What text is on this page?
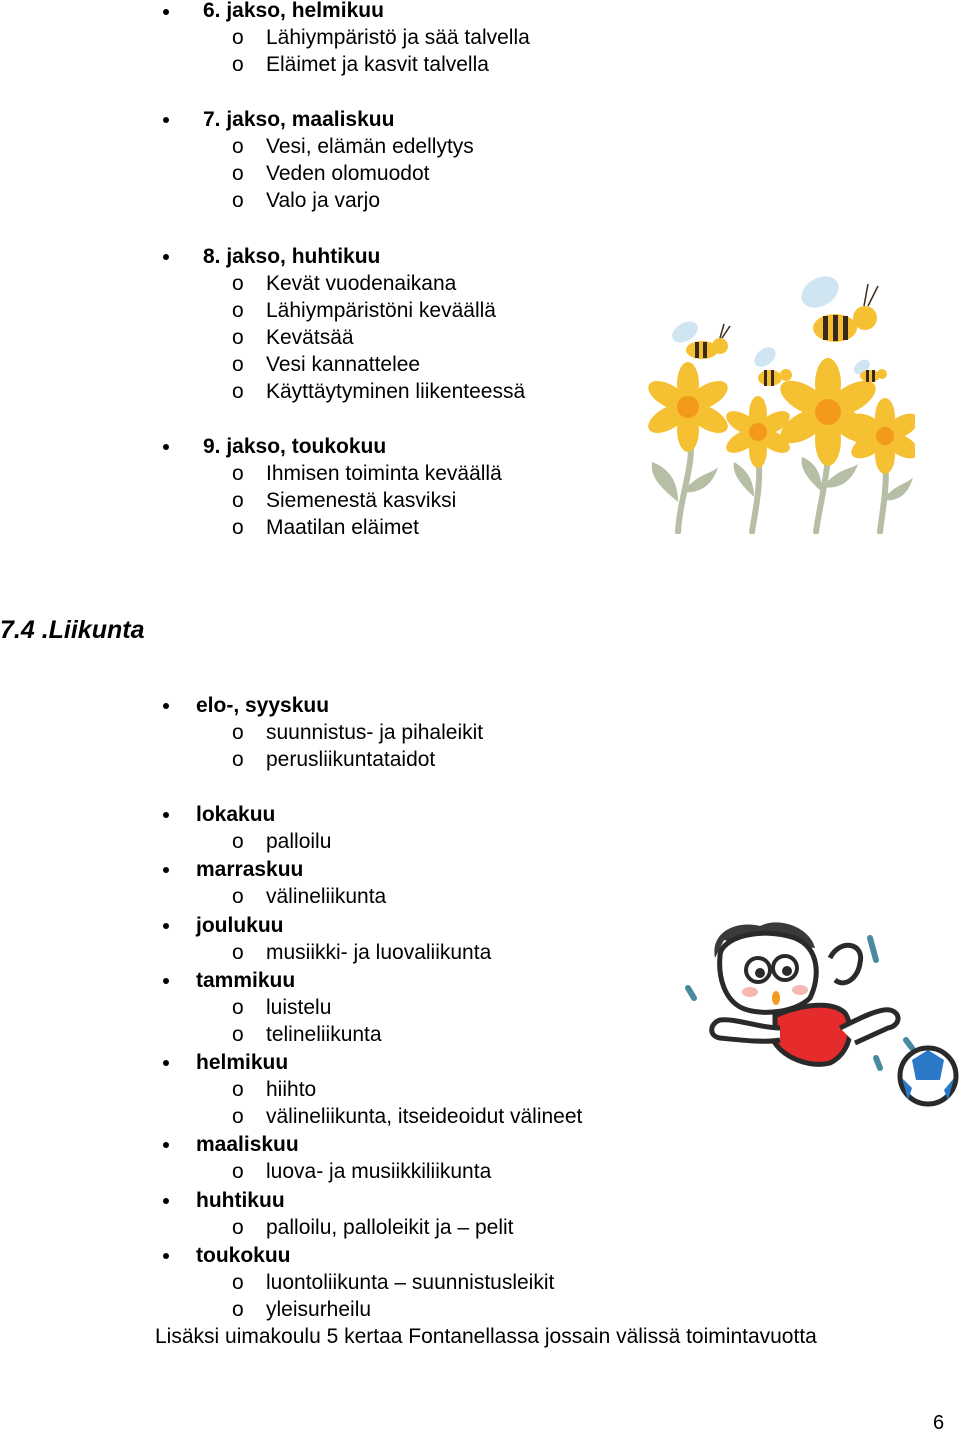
6. jakso, helmikuu
o Lähiympäristö ja sää talvella
o Eläimet ja kasvit talvella
7. jakso, maaliskuu
o Vesi, elämän edellytys
o Veden olomuodot
o Valo ja varjo
8. jakso, huhtikuu
o Kevät vuodenaikana
o Lähiympäristöni keväällä
o Kevätsää
o Vesi kannattelee
o Käyttäytyminen liikenteessä
9. jakso, toukokuu
o Ihmisen toiminta keväällä
o Siemenestä kasviksi
o Maatilan eläimet
7.4 .Liikunta
elo-, syyskuu
o suunnistus- ja pihaleikit
o perusliikuntataidot
lokakuu
o palloilu
marraskuu
o välineliikunta
joulukuu
o musiikki- ja luovaliikunta
tammikuu
o luistelu
o telineliikunta
helmikuu
o hiihto
o välineliikunta, itseideoidut välineet
maaliskuu
o luova- ja musiikkiliikunta
huhtikuu
o palloilu, palloleikit ja – pelit
toukokuu
o luontoliikunta – suunnistusleikit
o yleisurheilu
Lisäksi uimakoulu 5 kertaa Fontanellassa jossain välissä toimintavuotta
6
